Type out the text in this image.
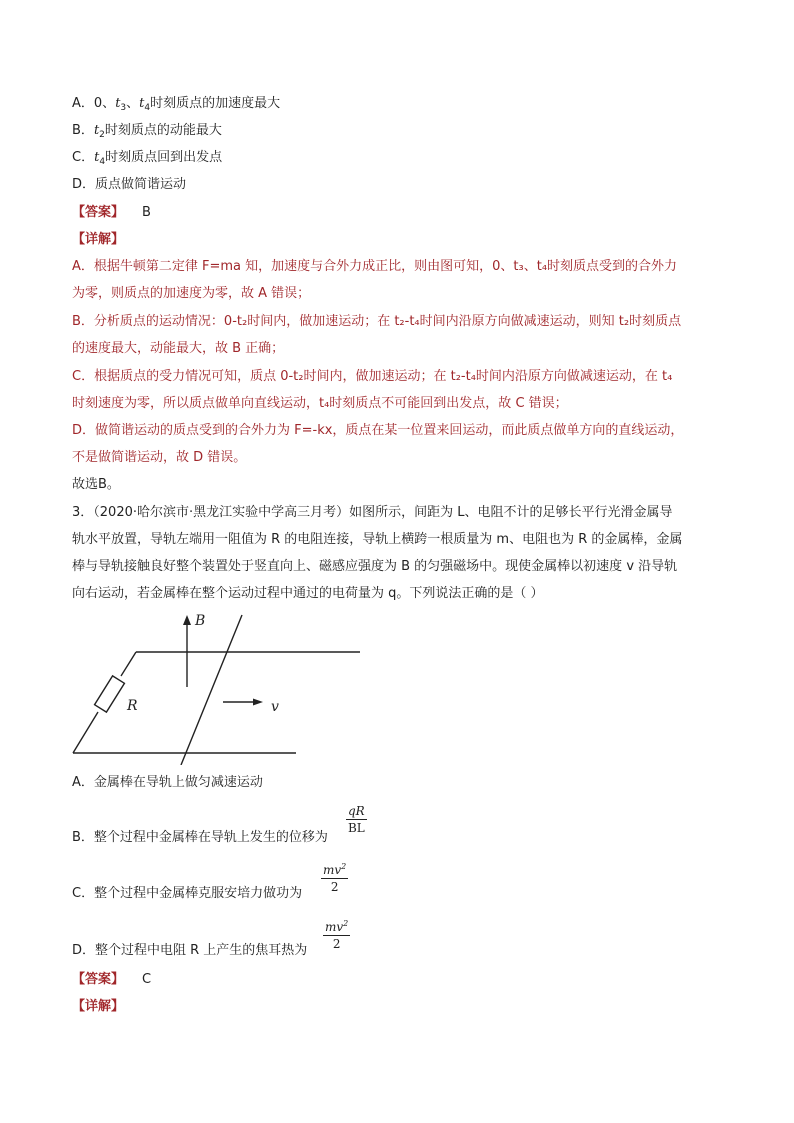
A．0、$t_3$、$t_4$时刻质点的加速度最大
B．$t_2$时刻质点的动能最大
C．$t_4$时刻质点回到出发点
D．质点做简谐运动
【答案】 B
【详解】
A．根据牛顿第二定律 F=ma 知，加速度与合外力成正比，则由图可知，0、t₃、t₄时刻质点受到的合外力
为零，则质点的加速度为零，故 A 错误；
B．分析质点的运动情况：0-t₂时间内，做加速运动；在 t₂-t₄时间内沿原方向做减速运动，则知 t₂时刻质点
的速度最大，动能最大，故 B 正确；
C．根据质点的受力情况可知，质点 0-t₂时间内，做加速运动；在 t₂-t₄时间内沿原方向做减速运动，在 t₄
时刻速度为零，所以质点做单向直线运动，t₄时刻质点不可能回到出发点，故 C 错误；
D．做简谐运动的质点受到的合外力为 F=-kx，质点在某一位置来回运动，而此质点做单方向的直线运动，
不是做简谐运动，故 D 错误。
故选B。
3．（2020·哈尔滨市·黑龙江实验中学高三月考）如图所示，间距为 L、电阻不计的足够长平行光滑金属导
轨水平放置，导轨左端用一阻值为 R 的电阻连接，导轨上横跨一根质量为 m、电阻也为 R 的金属棒，金属
棒与导轨接触良好整个装置处于竖直向上、磁感应强度为 B 的匀强磁场中。现使金属棒以初速度 v 沿导轨
向右运动，若金属棒在整个运动过程中通过的电荷量为 q。下列说法正确的是（ ）
B
R	v
A．金属棒在导轨上做匀减速运动
B．整个过程中金属棒在导轨上发生的位移为
$\frac{qR}{BL}$
C．整个过程中金属棒克服安培力做功为 $\frac{mv^2}{2}$
D．整个过程中电阻 R 上产生的焦耳热为 $\frac{mv^2}{2}$
【答案】 C
【详解】
